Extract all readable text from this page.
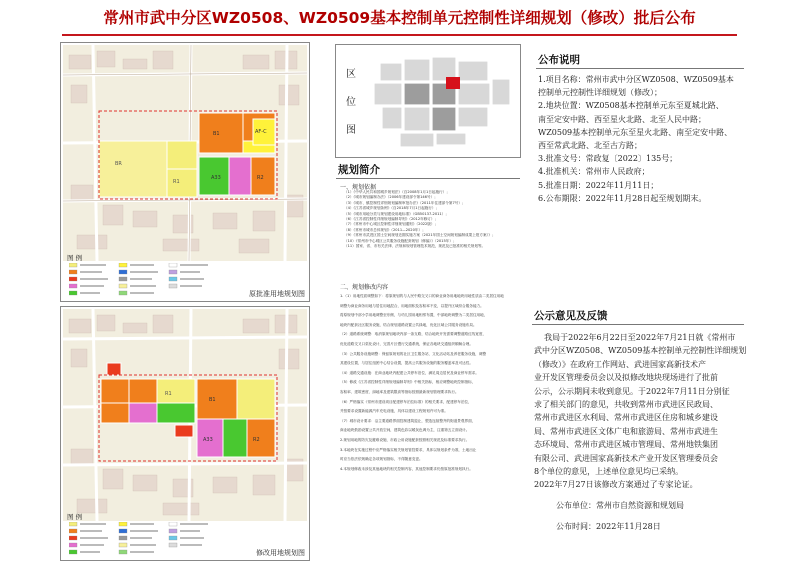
常州市武中分区WZ0508、WZ0509基本控制单元控制性详细规划（修改）批后公布
BR
R1
A33
AF-C
B1
R2
图 例
原批准用地规划图
R1
A33
B1
R2
图 例
修改用地规划图
区
位
图
规划简介
一、规划依据
（1）《中华人民共和国城乡规划法》（自2008年1月1日起施行）；
（2）《城市规划编制办法》（2006年建设部令第146号）；
（3）《城市、镇控制性详细规划编制审批办法》（2011年住建部令第7号）；
（4）《江苏省城乡规划条例》（自2018年7月1日起施行）；
（5）《城市用地分类与规划建设用地标准》（GB50137-2011）；
（6）《江苏省控制性详细规划编制导则》（2012年修订）；
（7）《常州市中心城区控制性详细规划通则》（2022版）；
（8）《常州市城市总体规划》（2011—2020年）；
（9）《常州市武进区国土空间规划近期实施方案（2021年国土空间规划编制成果上报方案）》；
（10）《常州市中心城区公共服务设施配套规划（修编）》（2015年）；
（11）国家、省、市有关法律、法规和规划管理技术规范，规范及已批准的相关规划等。
二、规划修改内容
1.（1）用地性质调整如下：将原规划的与人民中路交叉口的商业商务用地地块用地性质由二类居住用地
调整为商业商务用地与居住用地混合，用地面积及容积率不变，以提升区域综合服务能力。
将原规划中部小学用地调整至东侧，与幼儿园用地相邻布置，中部地块调整为二类居住用地，
地块内配套社区服务设施，结合规划道路设置公共绿地，优化区域公共服务设施布局。
（2）道路系统调整：取消原规划地块内部一条支路，结合地块开发需要调整道路红线宽度，
优化道路交叉口渠化设计，完善片区慢行交通系统，保证各地块交通组织顺畅合理。
（3）公共服务设施调整：保留原规划的社区卫生服务站、文化活动站及养老服务设施，调整
其建设位置，与居住组团中心结合设置，提高公共服务设施的服务覆盖率及可达性。
（4）道路交通设施：在商业地块内配建公共停车泊位，满足周边居民及商业停车需求。
（5）修改《江苏省控制性详细规划编制导则》中相关指标，相应调整地块控制指标，
容积率、建筑密度、绿地率及建筑限高等指标按照最新规划管理要求执行。
（6）严格落实《常州市建设项目配建停车泊位标准》的相关要求，配建停车泊位，
并按要求设置新能源汽车充电设施，具体以建设工程规划许可为准。
（7）城市设计要求：沿主要道路界面控制建筑退让，塑造连续整齐的街道景观界面，
商业地块鼓励设置公共开放空间，建筑色彩以暖灰色调为主，注重第五立面设计。
2.规划用地的防灾及避难设施、市政公用设施配套按照相关规范及标准要求执行。
3.本地块在实施过程中应严格落实相关规划管控要求，具体以规划条件为准，土地出让
时应当依法依规确定各项规划指标，不得随意变更。
4.本规划修改未涉及其他地块的相关控制内容，其他控制要求仍按原批准规划执行。
公布说明
1.项目名称：常州市武中分区WZ0508、WZ0509基本
控制单元控制性详细规划（修改）；
2.地块位置：WZ0508基本控制单元东至夏城北路、
南至定安中路、西至星火北路、北至人民中路；
WZ0509基本控制单元东至星火北路、南至定安中路、
西至常武北路、北至古方路；
3.批准文号：常政复〔2022〕135号；
4.批准机关：常州市人民政府；
5.批准日期：2022年11月11日；
6.公布期限：2022年11月28日起至规划期末。
公示意见及反馈
我局于2022年6月22日至2022年7月21日就《常州市
武中分区WZ0508、WZ0509基本控制单元控制性详细规划
（修改）》在政府工作网站、武进国家高新技术产
业开发区管理委员会以及拟修改地块现场进行了批前
公示，公示期间未收到意见。于2022年7月11日分别征
求了相关部门的意见，共收到常州市武进区民政局、
常州市武进区水利局、常州市武进区住房和城乡建设
局、常州市武进区文体广电和旅游局、常州市武进生
态环境局、常州市武进区城市管理局、常州地铁集团
有限公司、武进国家高新技术产业开发区管理委员会
8个单位的意见，上述单位意见均已采纳。
2022年7月27日该修改方案通过了专家论证。
公布单位：常州市自然资源和规划局
公布时间：2022年11月28日
